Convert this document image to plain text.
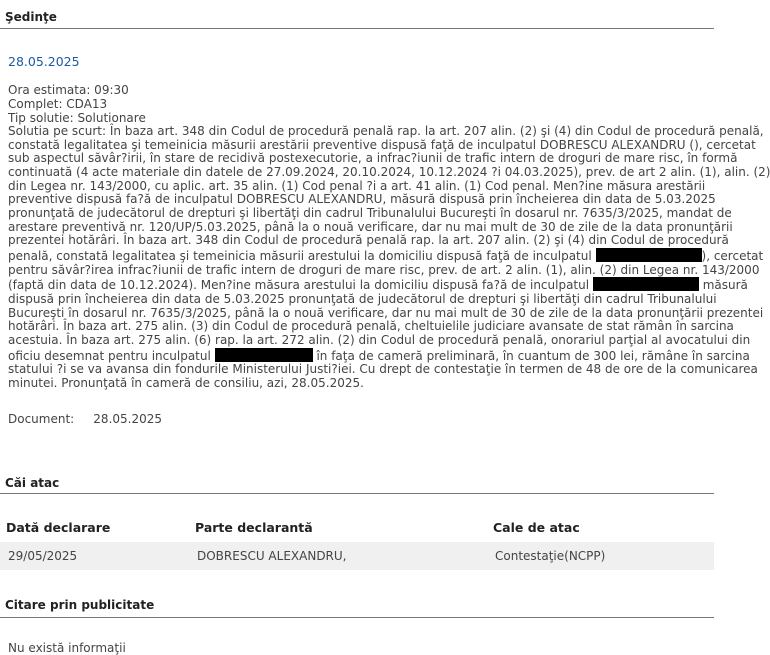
Şedinţe
28.05.2025
Ora estimata: 09:30
Complet: CDA13
Tip solutie: Solutionare
Solutia pe scurt: În baza art. 348 din Codul de procedură penală rap. la art. 207 alin. (2) şi (4) din Codul de procedură penală,
constată legalitatea şi temeinicia măsurii arestării preventive dispusă faţă de inculpatul DOBRESCU ALEXANDRU (), cercetat
sub aspectul săvâr?irii, în stare de recidivă postexecutorie, a infrac?iunii de trafic intern de droguri de mare risc, în formă
continuată (4 acte materiale din datele de 27.09.2024, 20.10.2024, 10.12.2024 ?i 04.03.2025), prev. de art 2 alin. (1), alin. (2)
din Legea nr. 143/2000, cu aplic. art. 35 alin. (1) Cod penal ?i a art. 41 alin. (1) Cod penal. Men?ine măsura arestării
preventive dispusă fa?ă de inculpatul DOBRESCU ALEXANDRU, măsură dispusă prin încheierea din data de 5.03.2025
pronunţată de judecătorul de drepturi şi libertăţi din cadrul Tribunalului Bucureşti în dosarul nr. 7635/3/2025, mandat de
arestare preventivă nr. 120/UP/5.03.2025, până la o nouă verificare, dar nu mai mult de 30 de zile de la data pronunţării
prezentei hotărâri. În baza art. 348 din Codul de procedură penală rap. la art. 207 alin. (2) şi (4) din Codul de procedură
penală, constată legalitatea şi temeinicia măsurii arestului la domiciliu dispusă faţă de inculpatul	), cercetat
pentru săvâr?irea infrac?iunii de trafic intern de droguri de mare risc, prev. de art. 2 alin. (1), alin. (2) din Legea nr. 143/2000
(faptă din data de 10.12.2024). Men?ine măsura arestului la domiciliu dispusă fa?ă de inculpatul	măsură
dispusă prin încheierea din data de 5.03.2025 pronunţată de judecătorul de drepturi şi libertăţi din cadrul Tribunalului
Bucureşti în dosarul nr. 7635/3/2025, până la o nouă verificare, dar nu mai mult de 30 de zile de la data pronunţării prezentei
hotărâri. În baza art. 275 alin. (3) din Codul de procedură penală, cheltuielile judiciare avansate de stat rămân în sarcina
acestuia. În baza art. 275 alin. (6) rap. la art. 272 alin. (2) din Codul de procedură penală, onorariul parţial al avocatului din
oficiu desemnat pentru inculpatul	în faţa de cameră preliminară, în cuantum de 300 lei, rămâne în sarcina
statului ?i se va avansa din fondurile Ministerului Justi?iei. Cu drept de contestaţie în termen de 48 de ore de la comunicarea
minutei. Pronunţată în cameră de consiliu, azi, 28.05.2025.
Document: 28.05.2025
Căi atac
Dată declarare	Parte declarantă	Cale de atac
29/05/2025	DOBRESCU ALEXANDRU,	Contestaţie(NCPP)
Citare prin publicitate
Nu există informaţii
